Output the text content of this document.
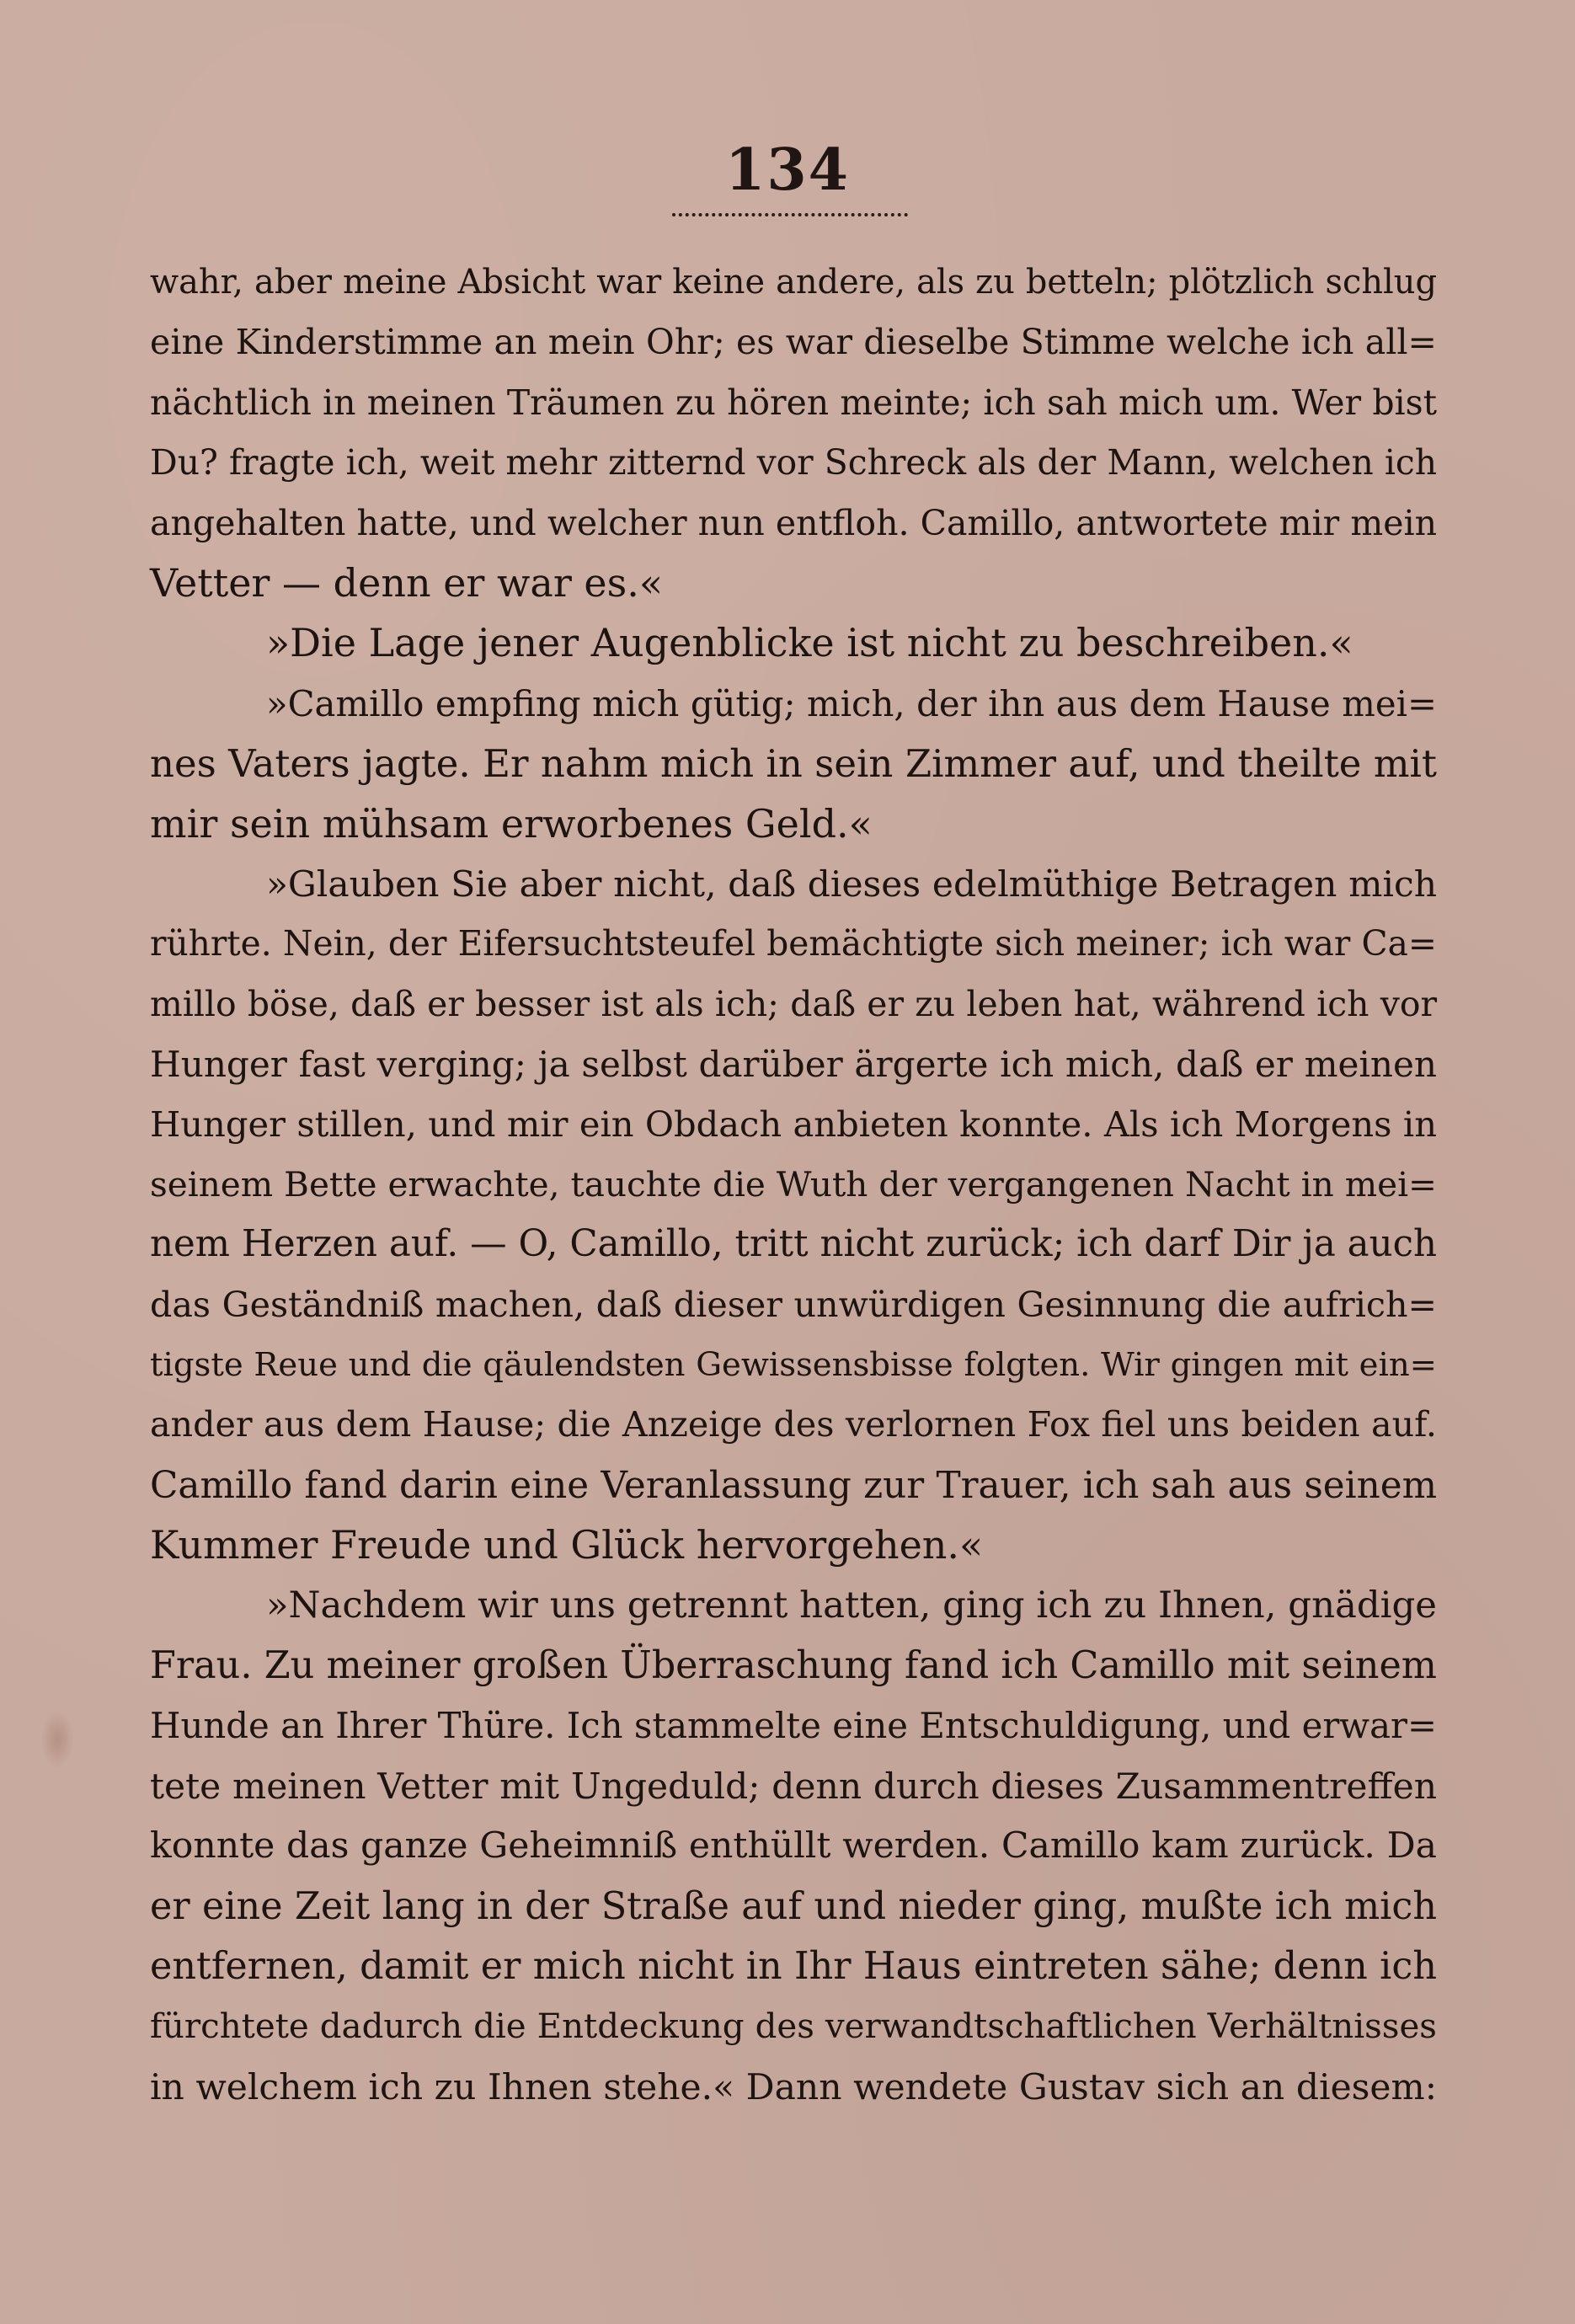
134
wahr, aber meine Absicht war keine andere, als zu betteln; plötzlich schlug
eine Kinderstimme an mein Ohr; es war dieselbe Stimme welche ich all=
nächtlich in meinen Träumen zu hören meinte; ich sah mich um. Wer bist
Du? fragte ich, weit mehr zitternd vor Schreck als der Mann, welchen ich
angehalten hatte, und welcher nun entfloh. Camillo, antwortete mir mein
Vetter — denn er war es.«
»Die Lage jener Augenblicke ist nicht zu beschreiben.«
»Camillo empfing mich gütig; mich, der ihn aus dem Hause mei=
nes Vaters jagte. Er nahm mich in sein Zimmer auf, und theilte mit
mir sein mühsam erworbenes Geld.«
»Glauben Sie aber nicht, daß dieses edelmüthige Betragen mich
rührte. Nein, der Eifersuchtsteufel bemächtigte sich meiner; ich war Ca=
millo böse, daß er besser ist als ich; daß er zu leben hat, während ich vor
Hunger fast verging; ja selbst darüber ärgerte ich mich, daß er meinen
Hunger stillen, und mir ein Obdach anbieten konnte. Als ich Morgens in
seinem Bette erwachte, tauchte die Wuth der vergangenen Nacht in mei=
nem Herzen auf. — O, Camillo, tritt nicht zurück; ich darf Dir ja auch
das Geständniß machen, daß dieser unwürdigen Gesinnung die aufrich=
tigste Reue und die qäulendsten Gewissensbisse folgten. Wir gingen mit ein=
ander aus dem Hause; die Anzeige des verlornen Fox fiel uns beiden auf.
Camillo fand darin eine Veranlassung zur Trauer, ich sah aus seinem
Kummer Freude und Glück hervorgehen.«
»Nachdem wir uns getrennt hatten, ging ich zu Ihnen, gnädige
Frau. Zu meiner großen Überraschung fand ich Camillo mit seinem
Hunde an Ihrer Thüre. Ich stammelte eine Entschuldigung, und erwar=
tete meinen Vetter mit Ungeduld; denn durch dieses Zusammentreffen
konnte das ganze Geheimniß enthüllt werden. Camillo kam zurück. Da
er eine Zeit lang in der Straße auf und nieder ging, mußte ich mich
entfernen, damit er mich nicht in Ihr Haus eintreten sähe; denn ich
fürchtete dadurch die Entdeckung des verwandtschaftlichen Verhältnisses
in welchem ich zu Ihnen stehe.« Dann wendete Gustav sich an diesem:
